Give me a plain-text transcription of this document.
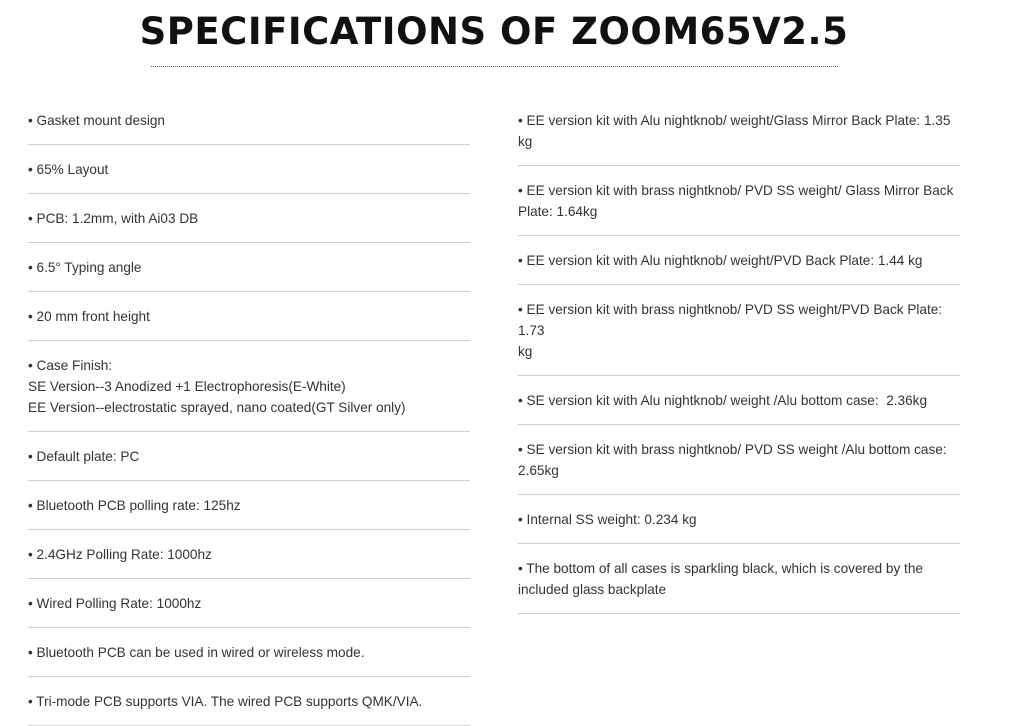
SPECIFICATIONS OF ZOOM65V2.5
• Gasket mount design
• 65% Layout
• PCB: 1.2mm, with Ai03 DB
• 6.5° Typing angle
• 20 mm front height
• Case Finish:
SE Version--3 Anodized +1 Electrophoresis(E-White)
EE Version--electrostatic sprayed, nano coated(GT Silver only)
• Default plate: PC
• Bluetooth PCB polling rate: 125hz
• 2.4GHz Polling Rate: 1000hz
• Wired Polling Rate: 1000hz
• Bluetooth PCB can be used in wired or wireless mode.
• Tri-mode PCB supports VIA. The wired PCB supports QMK/VIA.
• EE version kit with Alu nightknob/ weight/Glass Mirror Back Plate: 1.35 kg
• EE version kit with brass nightknob/ PVD SS weight/ Glass Mirror Back
Plate: 1.64kg
• EE version kit with Alu nightknob/ weight/PVD Back Plate: 1.44 kg
• EE version kit with brass nightknob/ PVD SS weight/PVD Back Plate: 1.73
kg
• SE version kit with Alu nightknob/ weight /Alu bottom case:  2.36kg
• SE version kit with brass nightknob/ PVD SS weight /Alu bottom case:
2.65kg
• Internal SS weight: 0.234 kg
• The bottom of all cases is sparkling black, which is covered by the
included glass backplate
